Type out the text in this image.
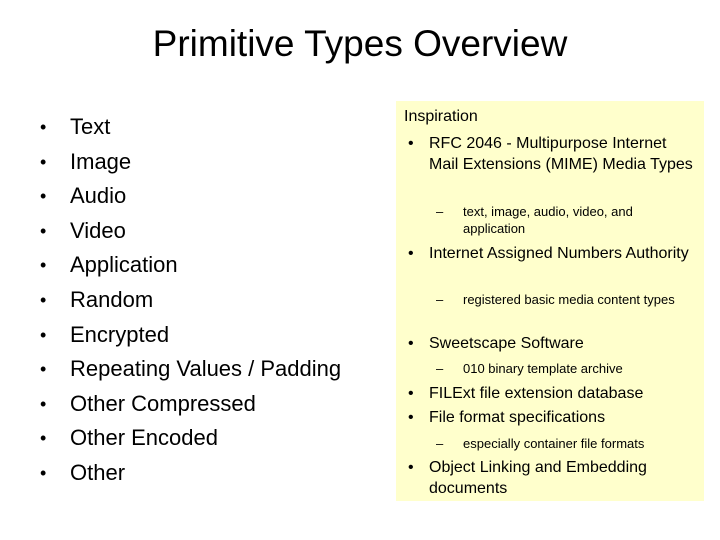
Primitive Types Overview
• Text
• Image
• Audio
• Video
• Application
• Random
• Encrypted
• Repeating Values / Padding
• Other Compressed
• Other Encoded
• Other
Inspiration
• RFC 2046 - Multipurpose Internet Mail Extensions (MIME) Media Types
– text, image, audio, video, and application
• Internet Assigned Numbers Authority
– registered basic media content types
• Sweetscape Software
– 010 binary template archive
• FILExt file extension database
• File format specifications
– especially container file formats
• Object Linking and Embedding documents
